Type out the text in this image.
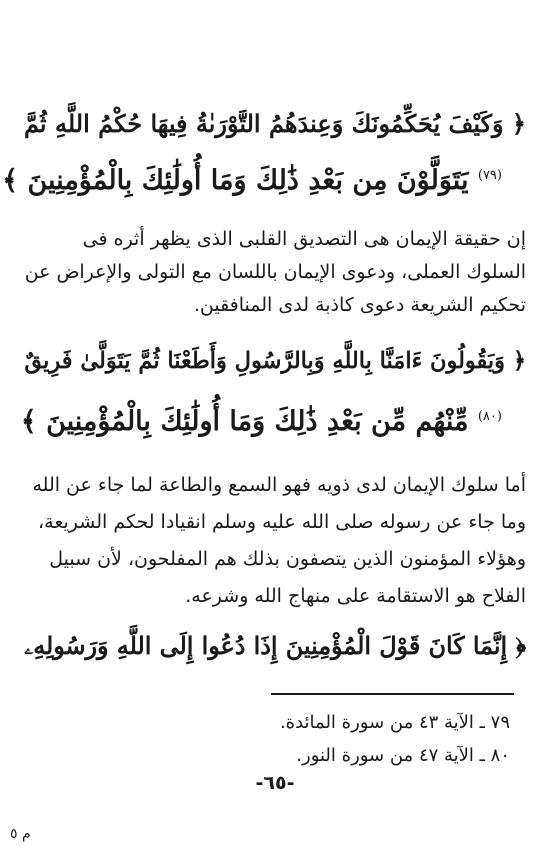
﴿ وَكَيْفَ يُحَكِّمُونَكَ وَعِندَهُمُ التَّوْرَىٰةُ فِيهَا حُكْمُ اللَّهِ ثُمَّ
$^{(٧٩)}$ يَتَوَلَّوْنَ مِن بَعْدِ ذَٰلِكَ وَمَا أُولَٰئِكَ بِالْمُؤْمِنِينَ ﴾
إن حقيقة الإيمان هى التصديق القلبى الذى يظهر أثره فى
السلوك العملى، ودعوى الإيمان باللسان مع التولى والإعراض عن
تحكيم الشريعة دعوى كاذبة لدى المنافقين.
﴿ وَيَقُولُونَ ءَامَنَّا بِاللَّهِ وَبِالرَّسُولِ وَأَطَعْنَا ثُمَّ يَتَوَلَّىٰ فَرِيقٌ
$^{(٨٠)}$ مِّنْهُم مِّن بَعْدِ ذَٰلِكَ وَمَا أُولَٰئِكَ بِالْمُؤْمِنِينَ ﴾
أما سلوك الإيمان لدى ذويه فهو السمع والطاعة لما جاء عن الله
وما جاء عن رسوله صلى الله عليه وسلم انقيادا لحكم الشريعة،
وهؤلاء المؤمنون الذين يتصفون بذلك هم المفلحون، لأن سبيل
الفلاح هو الاستقامة على منهاج الله وشرعه.
﴿ إِنَّمَا كَانَ قَوْلَ الْمُؤْمِنِينَ إِذَا دُعُوا إِلَى اللَّهِ وَرَسُولِهِۦ
٧٩ ـ الآية ٤٣ من سورة المائدة.
٨٠ ـ الآية ٤٧ من سورة النور.
-٦٥-
م ٥
